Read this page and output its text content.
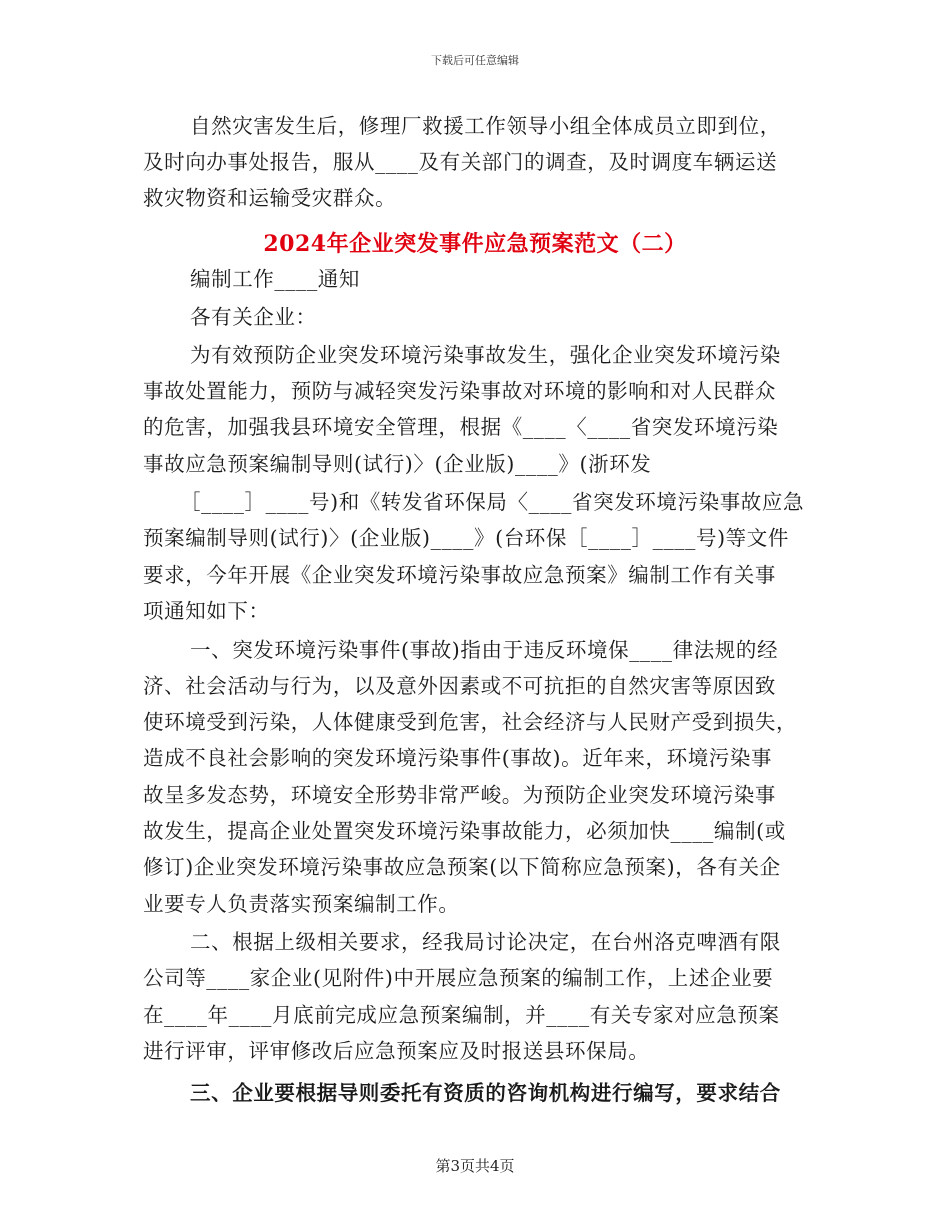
下载后可任意编辑
自然灾害发生后，修理厂救援工作领导小组全体成员立即到位，
及时向办事处报告，服从____及有关部门的调查，及时调度车辆运送
救灾物资和运输受灾群众。
2024年企业突发事件应急预案范文（二）
编制工作____通知
各有关企业：
为有效预防企业突发环境污染事故发生，强化企业突发环境污染
事故处置能力，预防与减轻突发污染事故对环境的影响和对人民群众
的危害，加强我县环境安全管理，根据《____〈____省突发环境污染
事故应急预案编制导则(试行)〉(企业版)____》(浙环发
［____］____号)和《转发省环保局〈____省突发环境污染事故应急
预案编制导则(试行)〉(企业版)____》(台环保［____］____号)等文件
要求，今年开展《企业突发环境污染事故应急预案》编制工作有关事
项通知如下：
一、突发环境污染事件(事故)指由于违反环境保____律法规的经
济、社会活动与行为，以及意外因素或不可抗拒的自然灾害等原因致
使环境受到污染，人体健康受到危害，社会经济与人民财产受到损失，
造成不良社会影响的突发环境污染事件(事故)。近年来，环境污染事
故呈多发态势，环境安全形势非常严峻。为预防企业突发环境污染事
故发生，提高企业处置突发环境污染事故能力，必须加快____编制(或
修订)企业突发环境污染事故应急预案(以下简称应急预案)，各有关企
业要专人负责落实预案编制工作。
二、根据上级相关要求，经我局讨论决定，在台州洛克啤酒有限
公司等____家企业(见附件)中开展应急预案的编制工作，上述企业要
在____年____月底前完成应急预案编制，并____有关专家对应急预案
进行评审，评审修改后应急预案应及时报送县环保局。
三、企业要根据导则委托有资质的咨询机构进行编写，要求结合
第3页共4页
